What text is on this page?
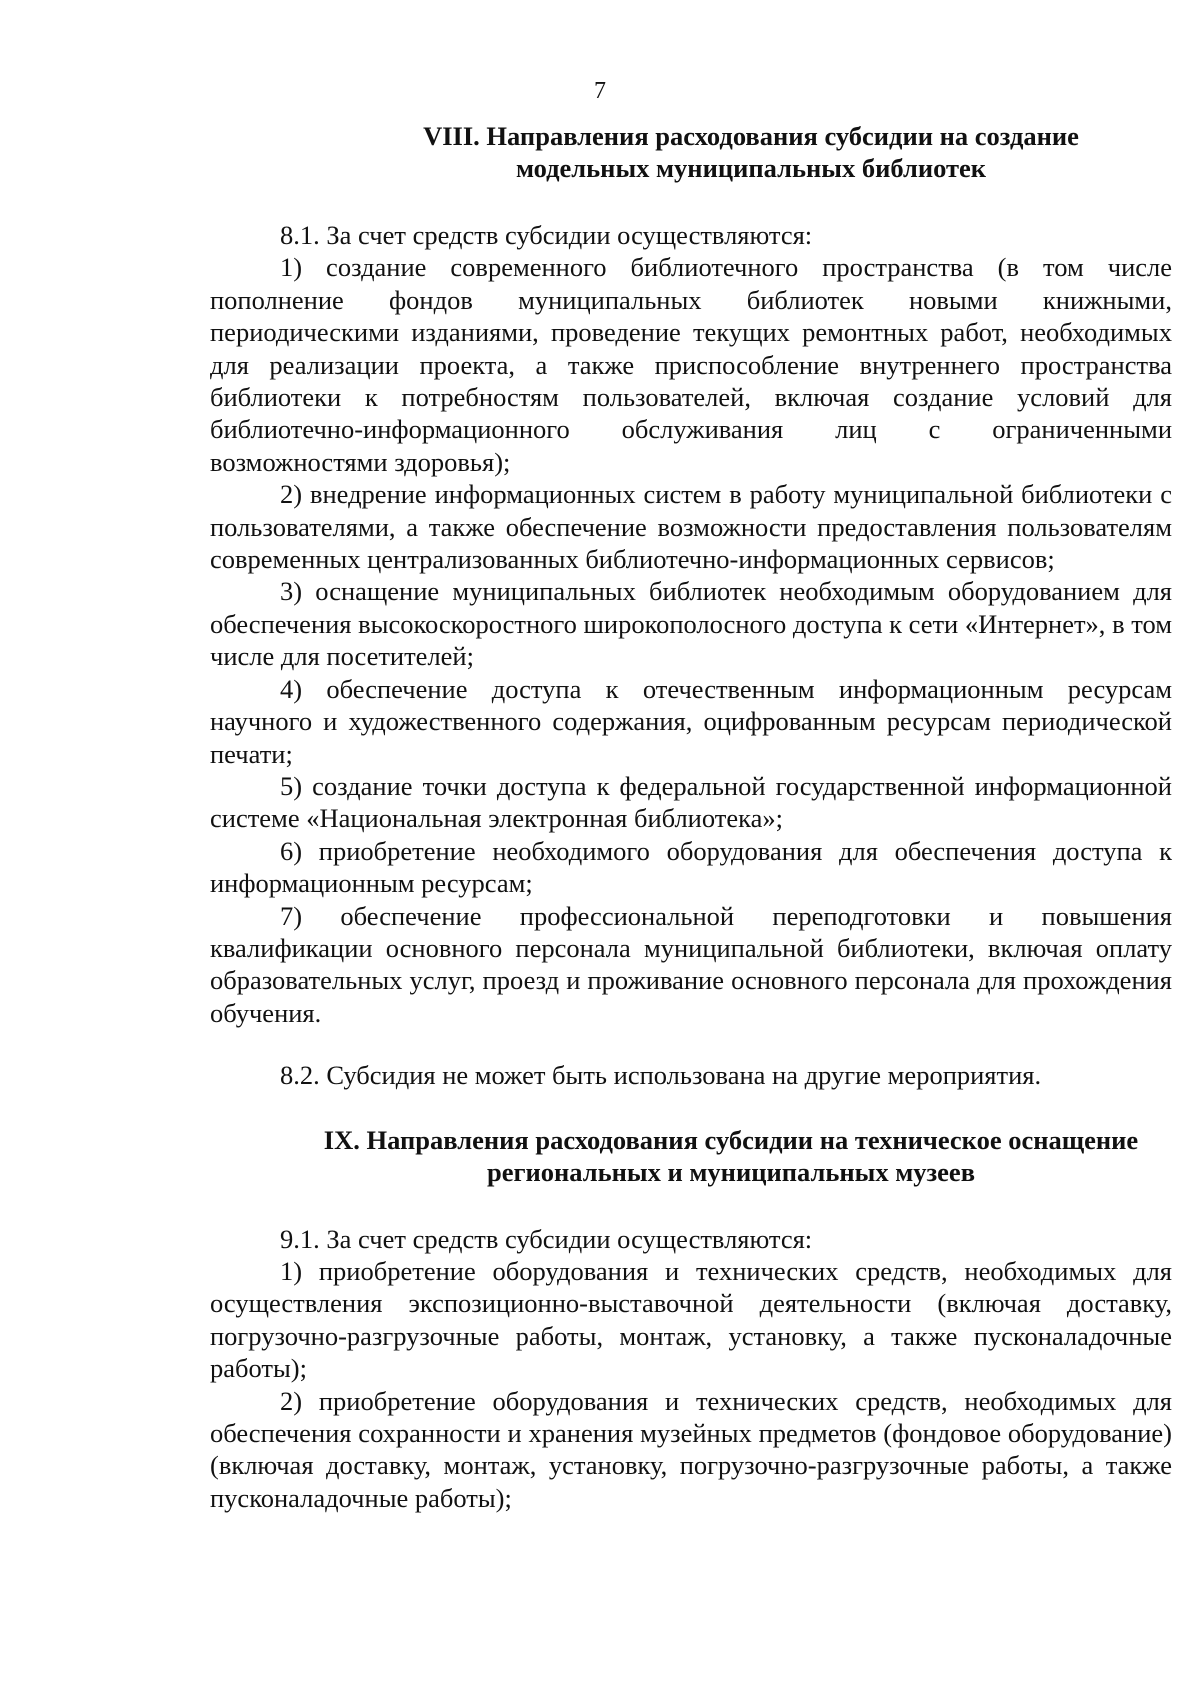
7
VIII. Направления расходования субсидии на создание
модельных муниципальных библиотек

8.1. За счет средств субсидии осуществляются:

1) создание современного библиотечного пространства (в том числе пополнение фондов муниципальных библиотек новыми книжными, периодическими изданиями, проведение текущих ремонтных работ, необходимых для реализации проекта, а также приспособление внутреннего пространства библиотеки к потребностям пользователей, включая создание условий для библиотечно-информационного обслуживания лиц с ограниченными возможностями здоровья);

2) внедрение информационных систем в работу муниципальной библиотеки с пользователями, а также обеспечение возможности предоставления пользователям современных централизованных библиотечно-информационных сервисов;

3) оснащение муниципальных библиотек необходимым оборудованием для обеспечения высокоскоростного широкополосного доступа к сети «Интернет», в том числе для посетителей;

4) обеспечение доступа к отечественным информационным ресурсам научного и художественного содержания, оцифрованным ресурсам периодической печати;

5) создание точки доступа к федеральной государственной информационной системе «Национальная электронная библиотека»;

6) приобретение необходимого оборудования для обеспечения доступа к информационным ресурсам;

7) обеспечение профессиональной переподготовки и повышения квалификации основного персонала муниципальной библиотеки, включая оплату образовательных услуг, проезд и проживание основного персонала для прохождения обучения.

8.2. Субсидия не может быть использована на другие мероприятия.

IX. Направления расходования субсидии на техническое оснащение
региональных и муниципальных музеев

9.1. За счет средств субсидии осуществляются:

1) приобретение оборудования и технических средств, необходимых для осуществления экспозиционно-выставочной деятельности (включая доставку, погрузочно-разгрузочные работы, монтаж, установку, а также пусконаладочные работы);

2) приобретение оборудования и технических средств, необходимых для обеспечения сохранности и хранения музейных предметов (фондовое оборудование) (включая доставку, монтаж, установку, погрузочно-разгрузочные работы, а также пусконаладочные работы);
